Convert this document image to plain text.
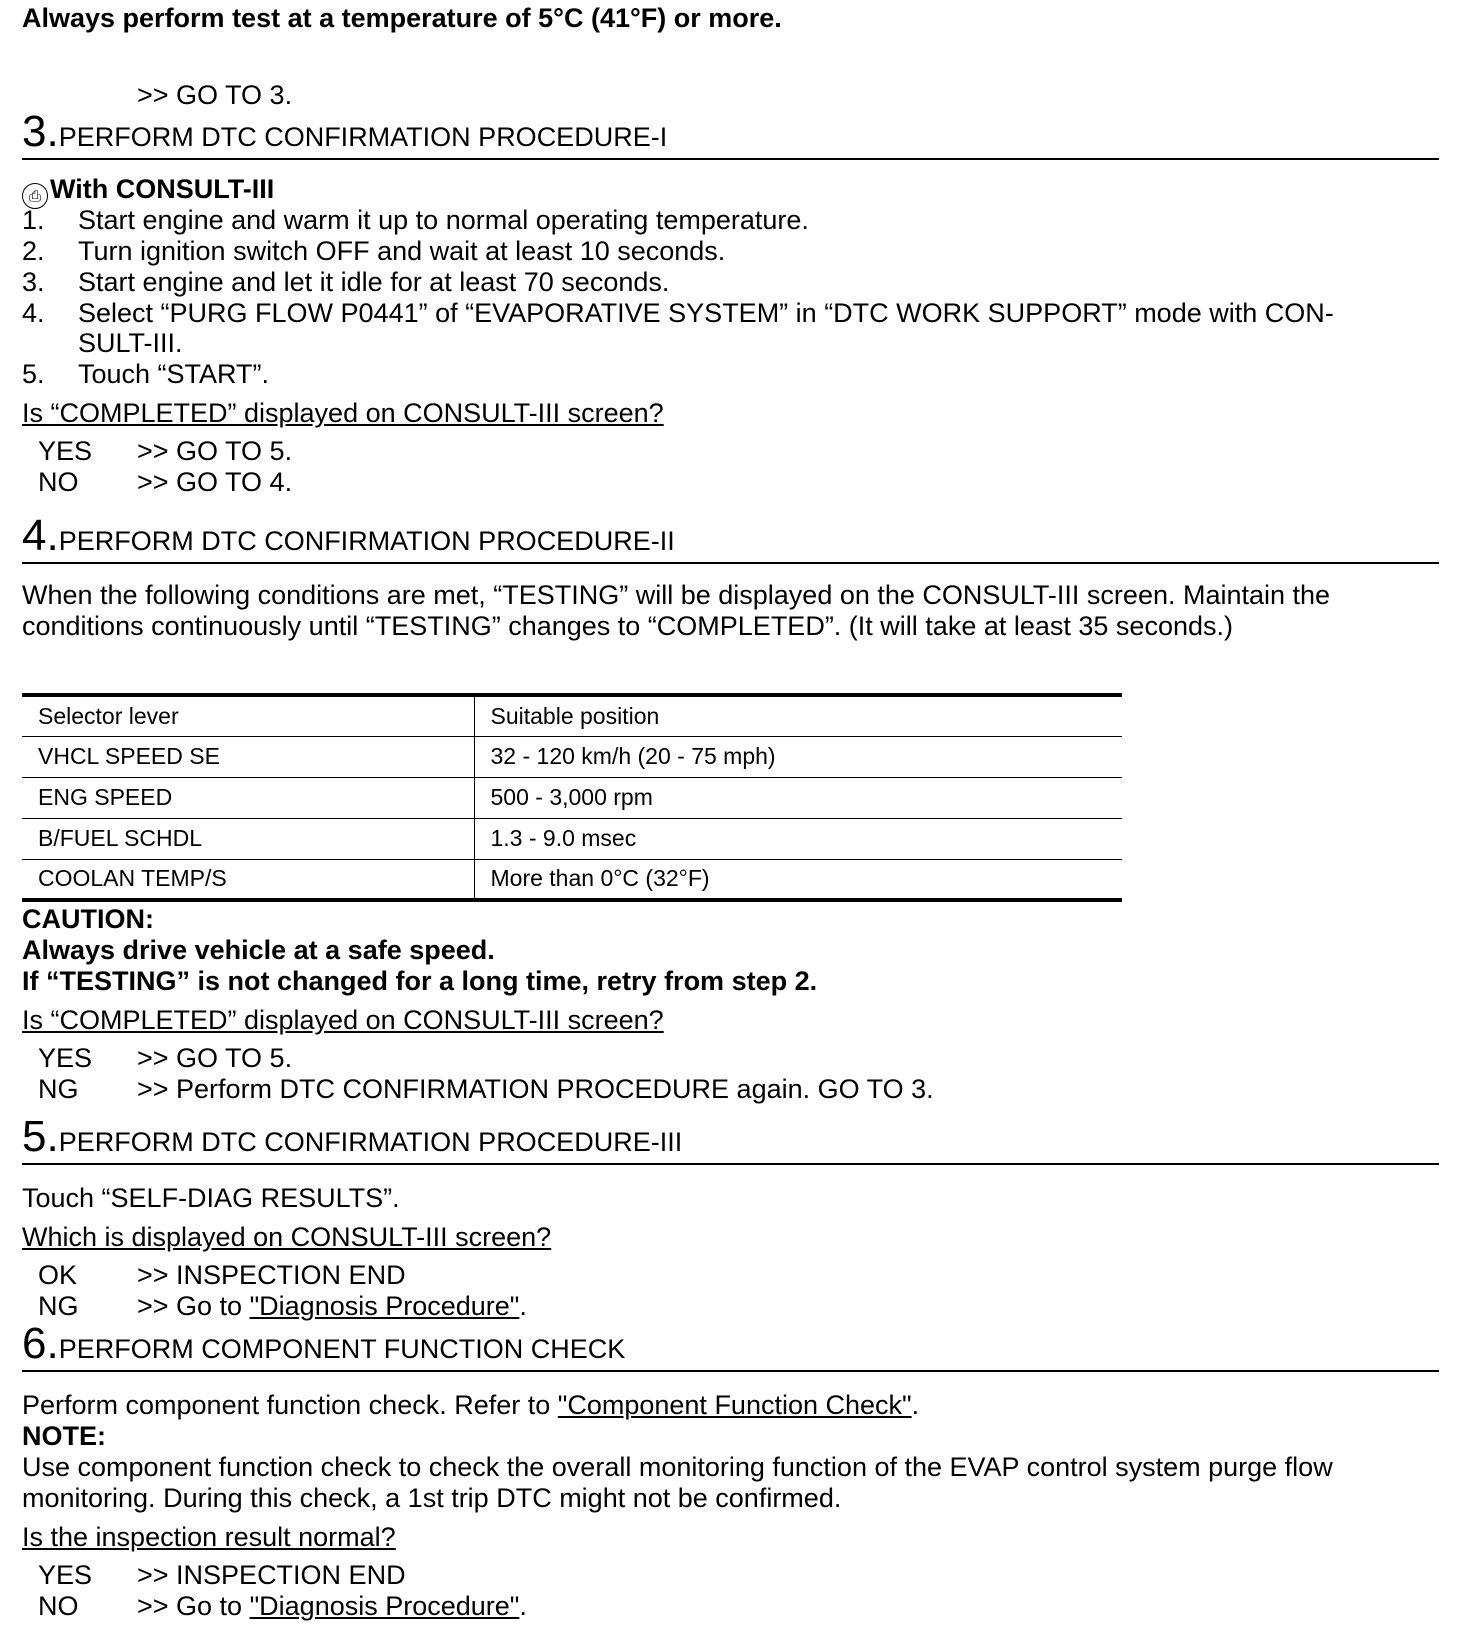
Always perform test at a temperature of 5°C (41°F) or more.
>> GO TO 3.
3.PERFORM DTC CONFIRMATION PROCEDURE-I
⎙ With CONSULT-III
1. Start engine and warm it up to normal operating temperature.
2. Turn ignition switch OFF and wait at least 10 seconds.
3. Start engine and let it idle for at least 70 seconds.
4. Select “PURG FLOW P0441” of “EVAPORATIVE SYSTEM” in “DTC WORK SUPPORT” mode with CON-
SULT-III.
5. Touch “START”.
Is “COMPLETED” displayed on CONSULT-III screen?
YES >> GO TO 5.
NO >> GO TO 4.
4.PERFORM DTC CONFIRMATION PROCEDURE-II
When the following conditions are met, “TESTING” will be displayed on the CONSULT-III screen. Maintain the
conditions continuously until “TESTING” changes to “COMPLETED”. (It will take at least 35 seconds.)
Selector lever	Suitable position
VHCL SPEED SE	32 - 120 km/h (20 - 75 mph)
ENG SPEED	500 - 3,000 rpm
B/FUEL SCHDL	1.3 - 9.0 msec
COOLAN TEMP/S	More than 0°C (32°F)
CAUTION:
Always drive vehicle at a safe speed.
If “TESTING” is not changed for a long time, retry from step 2.
Is “COMPLETED” displayed on CONSULT-III screen?
YES >> GO TO 5.
NG >> Perform DTC CONFIRMATION PROCEDURE again. GO TO 3.
5.PERFORM DTC CONFIRMATION PROCEDURE-III
Touch “SELF-DIAG RESULTS”.
Which is displayed on CONSULT-III screen?
OK >> INSPECTION END
NG >> Go to "Diagnosis Procedure".
6.PERFORM COMPONENT FUNCTION CHECK
Perform component function check. Refer to "Component Function Check".
NOTE:
Use component function check to check the overall monitoring function of the EVAP control system purge flow
monitoring. During this check, a 1st trip DTC might not be confirmed.
Is the inspection result normal?
YES >> INSPECTION END
NO >> Go to "Diagnosis Procedure".
